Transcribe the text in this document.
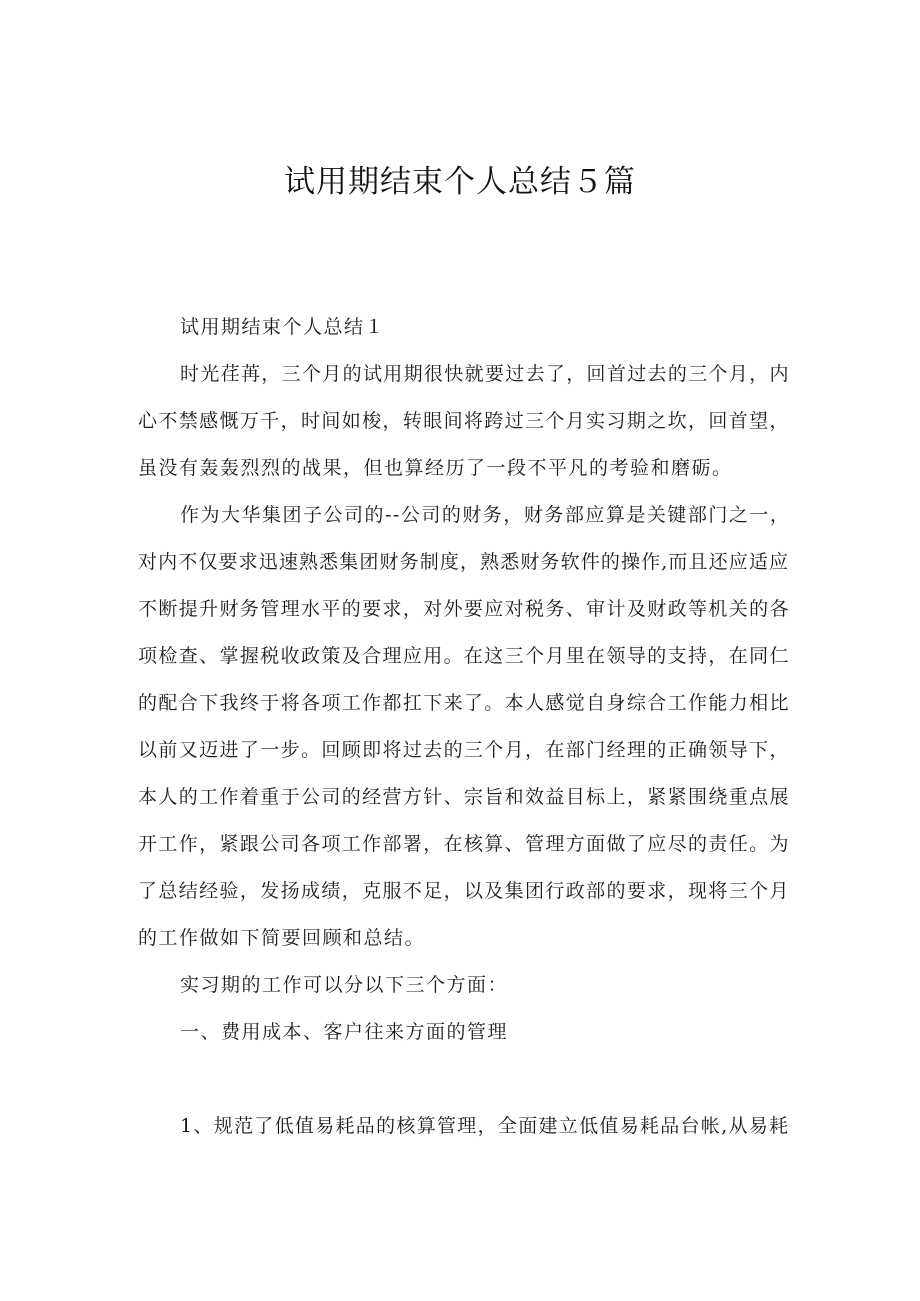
试用期结束个人总结５篇

试用期结束个人总结１

时光荏苒，三个月的试用期很快就要过去了，回首过去的三个月，内

心不禁感慨万千，时间如梭，转眼间将跨过三个月实习期之坎，回首望，

虽没有轰轰烈烈的战果，但也算经历了一段不平凡的考验和磨砺。

作为大华集团子公司的--公司的财务，财务部应算是关键部门之一，

对内不仅要求迅速熟悉集团财务制度，熟悉财务软件的操作,而且还应适应

不断提升财务管理水平的要求，对外要应对税务、审计及财政等机关的各

项检查、掌握税收政策及合理应用。在这三个月里在领导的支持，在同仁

的配合下我终于将各项工作都扛下来了。本人感觉自身综合工作能力相比

以前又迈进了一步。回顾即将过去的三个月，在部门经理的正确领导下，

本人的工作着重于公司的经营方针、宗旨和效益目标上，紧紧围绕重点展

开工作，紧跟公司各项工作部署，在核算、管理方面做了应尽的责任。为

了总结经验，发扬成绩，克服不足，以及集团行政部的要求，现将三个月

的工作做如下简要回顾和总结。

实习期的工作可以分以下三个方面：

一、费用成本、客户往来方面的管理

1、规范了低值易耗品的核算管理，全面建立低值易耗品台帐,从易耗
